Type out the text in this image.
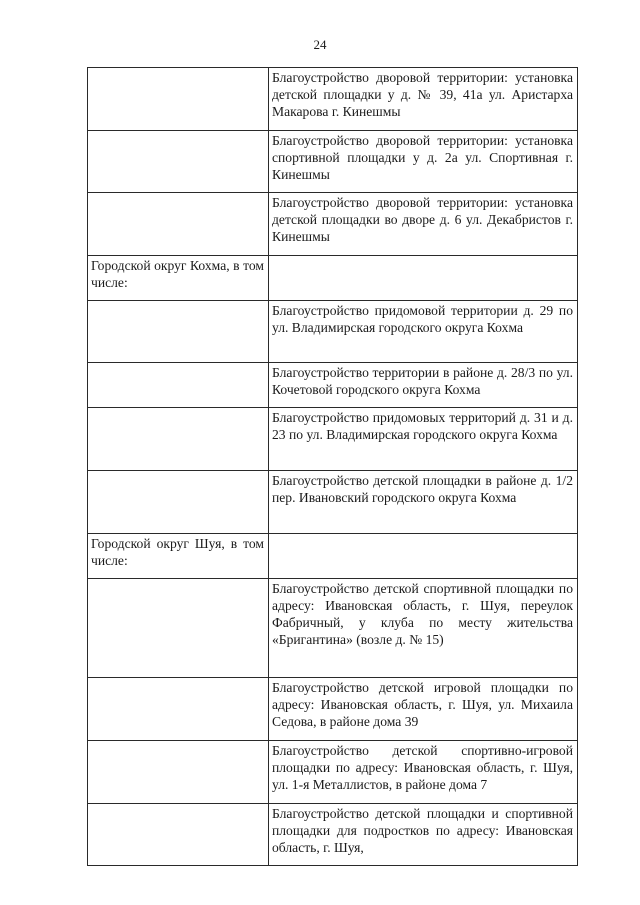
24

	Благоустройство дворовой территории: установка детской площадки у д. № 39, 41а ул. Аристарха Макарова г. Кинешмы

	Благоустройство дворовой территории: установка спортивной площадки у д. 2а ул. Спортивная г. Кинешмы

	Благоустройство дворовой территории: установка детской площадки во дворе д. 6 ул. Декабристов г. Кинешмы

Городской округ Кохма, в том числе:	

	Благоустройство придомовой территории д. 29 по ул. Владимирская городского округа Кохма

	Благоустройство территории в районе д. 28/3 по ул. Кочетовой городского округа Кохма

	Благоустройство придомовых территорий д. 31 и д. 23 по ул. Владимирская городского округа Кохма

	Благоустройство детской площадки в районе д. 1/2 пер. Ивановский городского округа Кохма

Городской округ Шуя, в том числе:	

	Благоустройство детской спортивной площадки по адресу: Ивановская область, г. Шуя, переулок Фабричный, у клуба по месту жительства «Бригантина» (возле д. № 15)

	Благоустройство детской игровой площадки по адресу: Ивановская область, г. Шуя, ул. Михаила Седова, в районе дома 39

	Благоустройство детской спортивно-игровой площадки по адресу: Ивановская область, г. Шуя, ул. 1-я Металлистов, в районе дома 7

	Благоустройство детской площадки и спортивной площадки для подростков по адресу: Ивановская область, г. Шуя,
